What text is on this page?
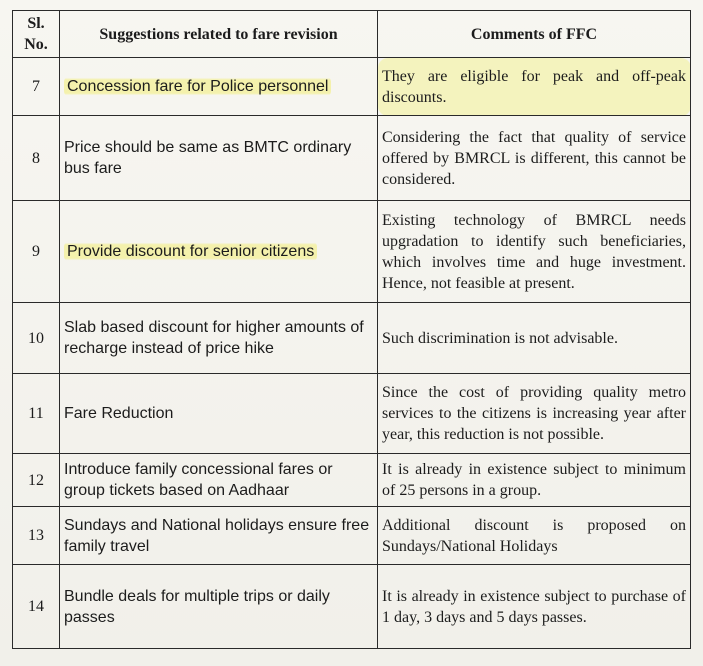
Sl. No.	Suggestions related to fare revision	Comments of FFC
7	Concession fare for Police personnel	They are eligible for peak and off-peak discounts.
8	Price should be same as BMTC ordinary bus fare	Considering the fact that quality of service offered by BMRCL is different, this cannot be considered.
9	Provide discount for senior citizens	Existing technology of BMRCL needs upgradation to identify such beneficiaries, which involves time and huge investment. Hence, not feasible at present.
10	Slab based discount for higher amounts of recharge instead of price hike	Such discrimination is not advisable.
11	Fare Reduction	Since the cost of providing quality metro services to the citizens is increasing year after year, this reduction is not possible.
12	Introduce family concessional fares or group tickets based on Aadhaar	It is already in existence subject to minimum of 25 persons in a group.
13	Sundays and National holidays ensure free family travel	Additional discount is proposed on Sundays/National Holidays
14	Bundle deals for multiple trips or daily passes	It is already in existence subject to purchase of 1 day, 3 days and 5 days passes.
